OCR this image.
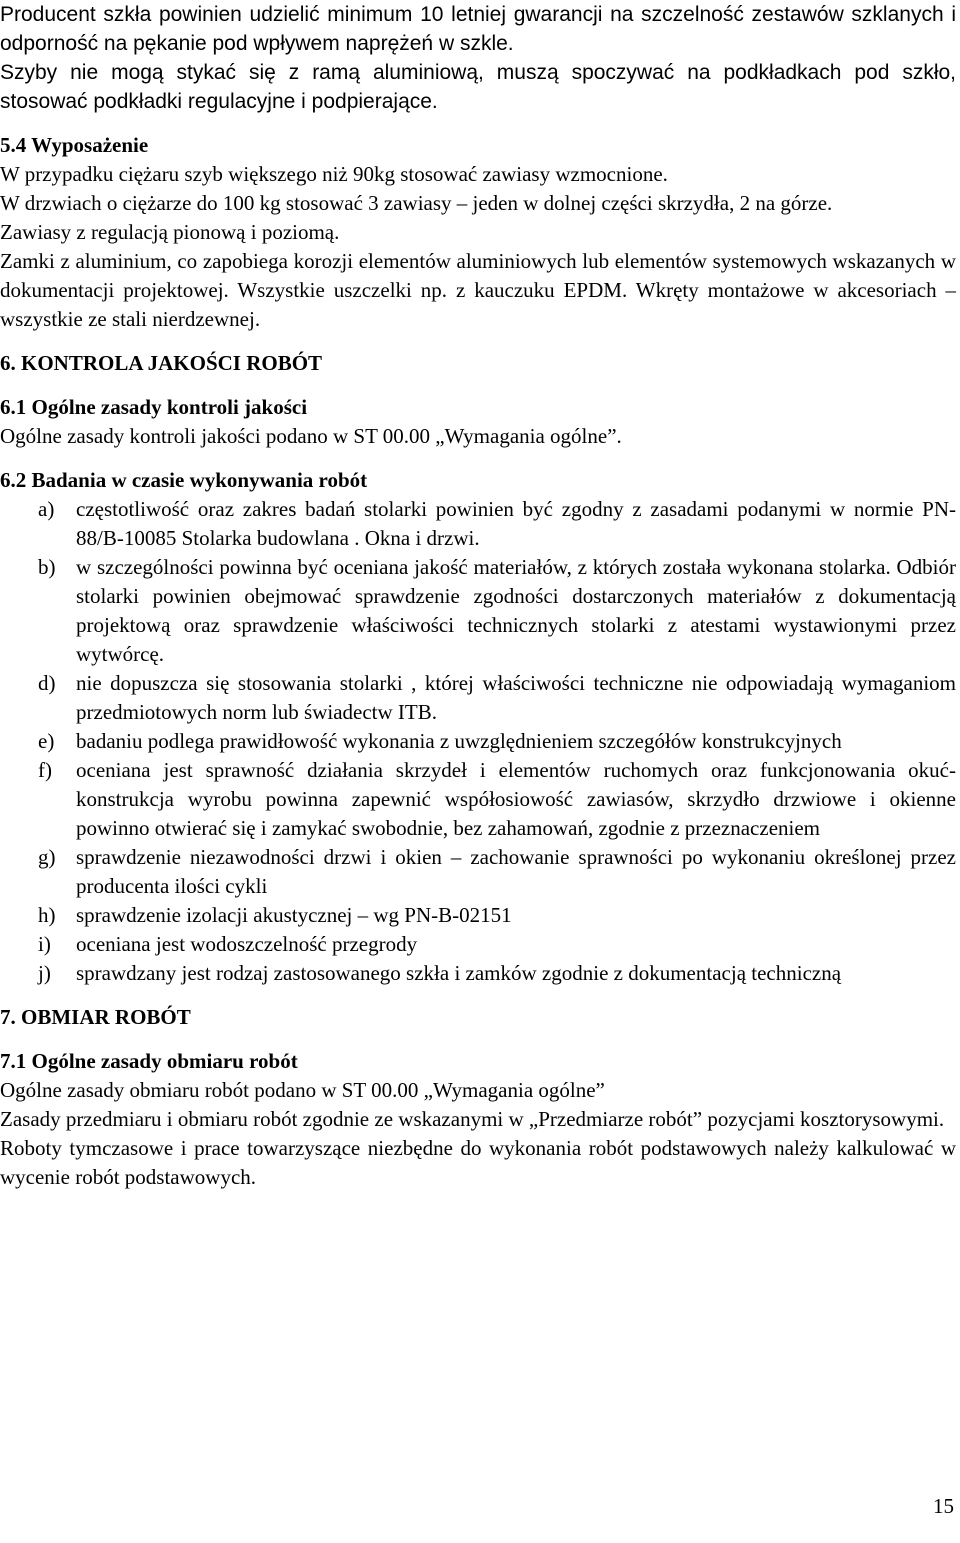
Producent szkła powinien udzielić minimum 10 letniej gwarancji na szczelność zestawów szklanych i odporność na pękanie pod wpływem naprężeń w szkle.

Szyby nie mogą stykać się z ramą aluminiową, muszą spoczywać na podkładkach pod szkło, stosować podkładki regulacyjne i podpierające.

5.4 Wyposażenie

W przypadku ciężaru szyb większego niż 90kg stosować zawiasy wzmocnione.

W drzwiach o ciężarze do 100 kg stosować 3 zawiasy – jeden w dolnej części skrzydła, 2 na górze.

Zawiasy z regulacją pionową i poziomą.

Zamki z aluminium, co zapobiega korozji elementów aluminiowych lub elementów systemowych wskazanych w dokumentacji projektowej. Wszystkie uszczelki np. z kauczuku EPDM. Wkręty montażowe w akcesoriach – wszystkie ze stali nierdzewnej.

6. KONTROLA JAKOŚCI ROBÓT

6.1 Ogólne zasady kontroli jakości

Ogólne zasady kontroli jakości podano w ST 00.00 „Wymagania ogólne”.

6.2 Badania w czasie wykonywania robót

a) częstotliwość oraz zakres badań stolarki powinien być zgodny z zasadami podanymi w normie PN-88/B-10085 Stolarka budowlana . Okna i drzwi.
b) w szczególności powinna być oceniana jakość materiałów, z których została wykonana stolarka. Odbiór stolarki powinien obejmować sprawdzenie zgodności dostarczonych materiałów z dokumentacją projektową oraz sprawdzenie właściwości technicznych stolarki z atestami wystawionymi przez wytwórcę.
d) nie dopuszcza się stosowania stolarki , której właściwości techniczne nie odpowiadają wymaganiom przedmiotowych norm lub świadectw ITB.
e) badaniu podlega prawidłowość wykonania z uwzględnieniem szczegółów konstrukcyjnych
f) oceniana jest sprawność działania skrzydeł i elementów ruchomych oraz funkcjonowania okuć- konstrukcja wyrobu powinna zapewnić współosiowość zawiasów, skrzydło drzwiowe i okienne powinno otwierać się i zamykać swobodnie, bez zahamowań, zgodnie z przeznaczeniem
g) sprawdzenie niezawodności drzwi i okien – zachowanie sprawności po wykonaniu określonej przez producenta ilości cykli
h) sprawdzenie izolacji akustycznej – wg PN-B-02151
i) oceniana jest wodoszczelność przegrody
j) sprawdzany jest rodzaj zastosowanego szkła i zamków zgodnie z dokumentacją techniczną

7. OBMIAR ROBÓT

7.1 Ogólne zasady obmiaru robót

Ogólne zasady obmiaru robót podano w ST 00.00 „Wymagania ogólne”

Zasady przedmiaru i obmiaru robót zgodnie ze wskazanymi w „Przedmiarze robót” pozycjami kosztorysowymi.

Roboty tymczasowe i prace towarzyszące niezbędne do wykonania robót podstawowych należy kalkulować w wycenie robót podstawowych.

15
